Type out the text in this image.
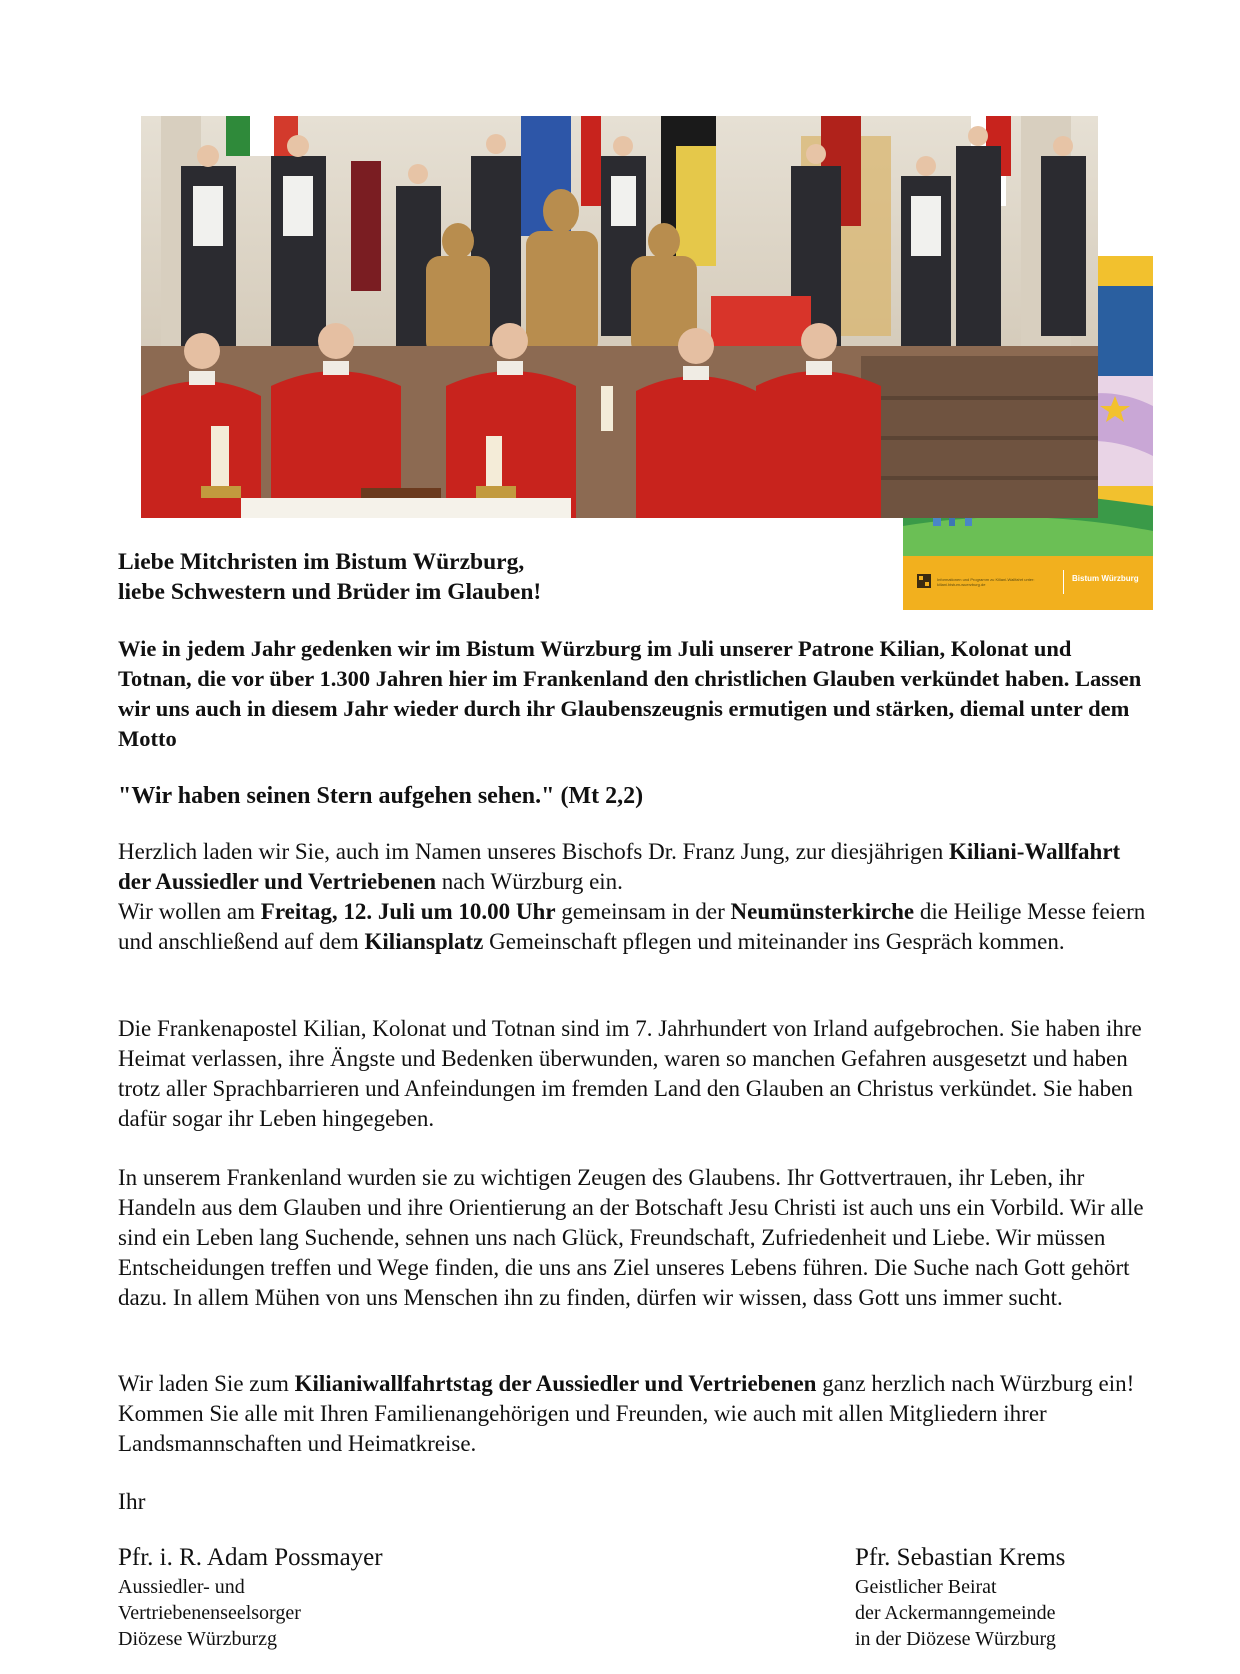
Informationen und Programm zu Kiliani-Wallfahrt unter: kiliani.bistum-wuerzburg.de
Bistum Würzburg
Liebe Mitchristen im Bistum Würzburg,
liebe Schwestern und Brüder im Glauben!

Wie in jedem Jahr gedenken wir im Bistum Würzburg im Juli unserer Patrone Kilian, Kolonat und Totnan, die vor über 1.300 Jahren hier im Frankenland den christlichen Glauben verkündet haben. Lassen wir uns auch in diesem Jahr wieder durch ihr Glaubenszeugnis ermutigen und stärken, diemal unter dem Motto

"Wir haben seinen Stern aufgehen sehen." (Mt 2,2)

Herzlich laden wir Sie, auch im Namen unseres Bischofs Dr. Franz Jung, zur diesjährigen Kiliani-Wallfahrt der Aussiedler und Vertriebenen nach Würzburg ein.
Wir wollen am Freitag, 12. Juli um 10.00 Uhr gemeinsam in der Neumünsterkirche die Heilige Messe feiern und anschließend auf dem Kiliansplatz Gemeinschaft pflegen und miteinander ins Gespräch kommen.

Die Frankenapostel Kilian, Kolonat und Totnan sind im 7. Jahrhundert von Irland aufgebrochen. Sie haben ihre Heimat verlassen, ihre Ängste und Bedenken überwunden, waren so manchen Gefahren ausgesetzt und haben trotz aller Sprachbarrieren und Anfeindungen im fremden Land den Glauben an Christus verkündet. Sie haben dafür sogar ihr Leben hingegeben.

In unserem Frankenland wurden sie zu wichtigen Zeugen des Glaubens. Ihr Gottvertrauen, ihr Leben, ihr Handeln aus dem Glauben und ihre Orientierung an der Botschaft Jesu Christi ist auch uns ein Vorbild. Wir alle sind ein Leben lang Suchende, sehnen uns nach Glück, Freundschaft, Zufriedenheit und Liebe. Wir müssen Entscheidungen treffen und Wege finden, die uns ans Ziel unseres Lebens führen. Die Suche nach Gott gehört dazu. In allem Mühen von uns Menschen ihn zu finden, dürfen wir wissen, dass Gott uns immer sucht.

Wir laden Sie zum Kilianiwallfahrtstag der Aussiedler und Vertriebenen ganz herzlich nach Würzburg ein! Kommen Sie alle mit Ihren Familienangehörigen und Freunden, wie auch mit allen Mitgliedern ihrer Landsmannschaften und Heimatkreise.

Ihr

Pfr. i. R. Adam Possmayer
Aussiedler- und
Vertriebenenseelsorger
Diözese Würzburzg
Pfr. Sebastian Krems
Geistlicher Beirat
der Ackermanngemeinde
in der Diözese Würzburg
